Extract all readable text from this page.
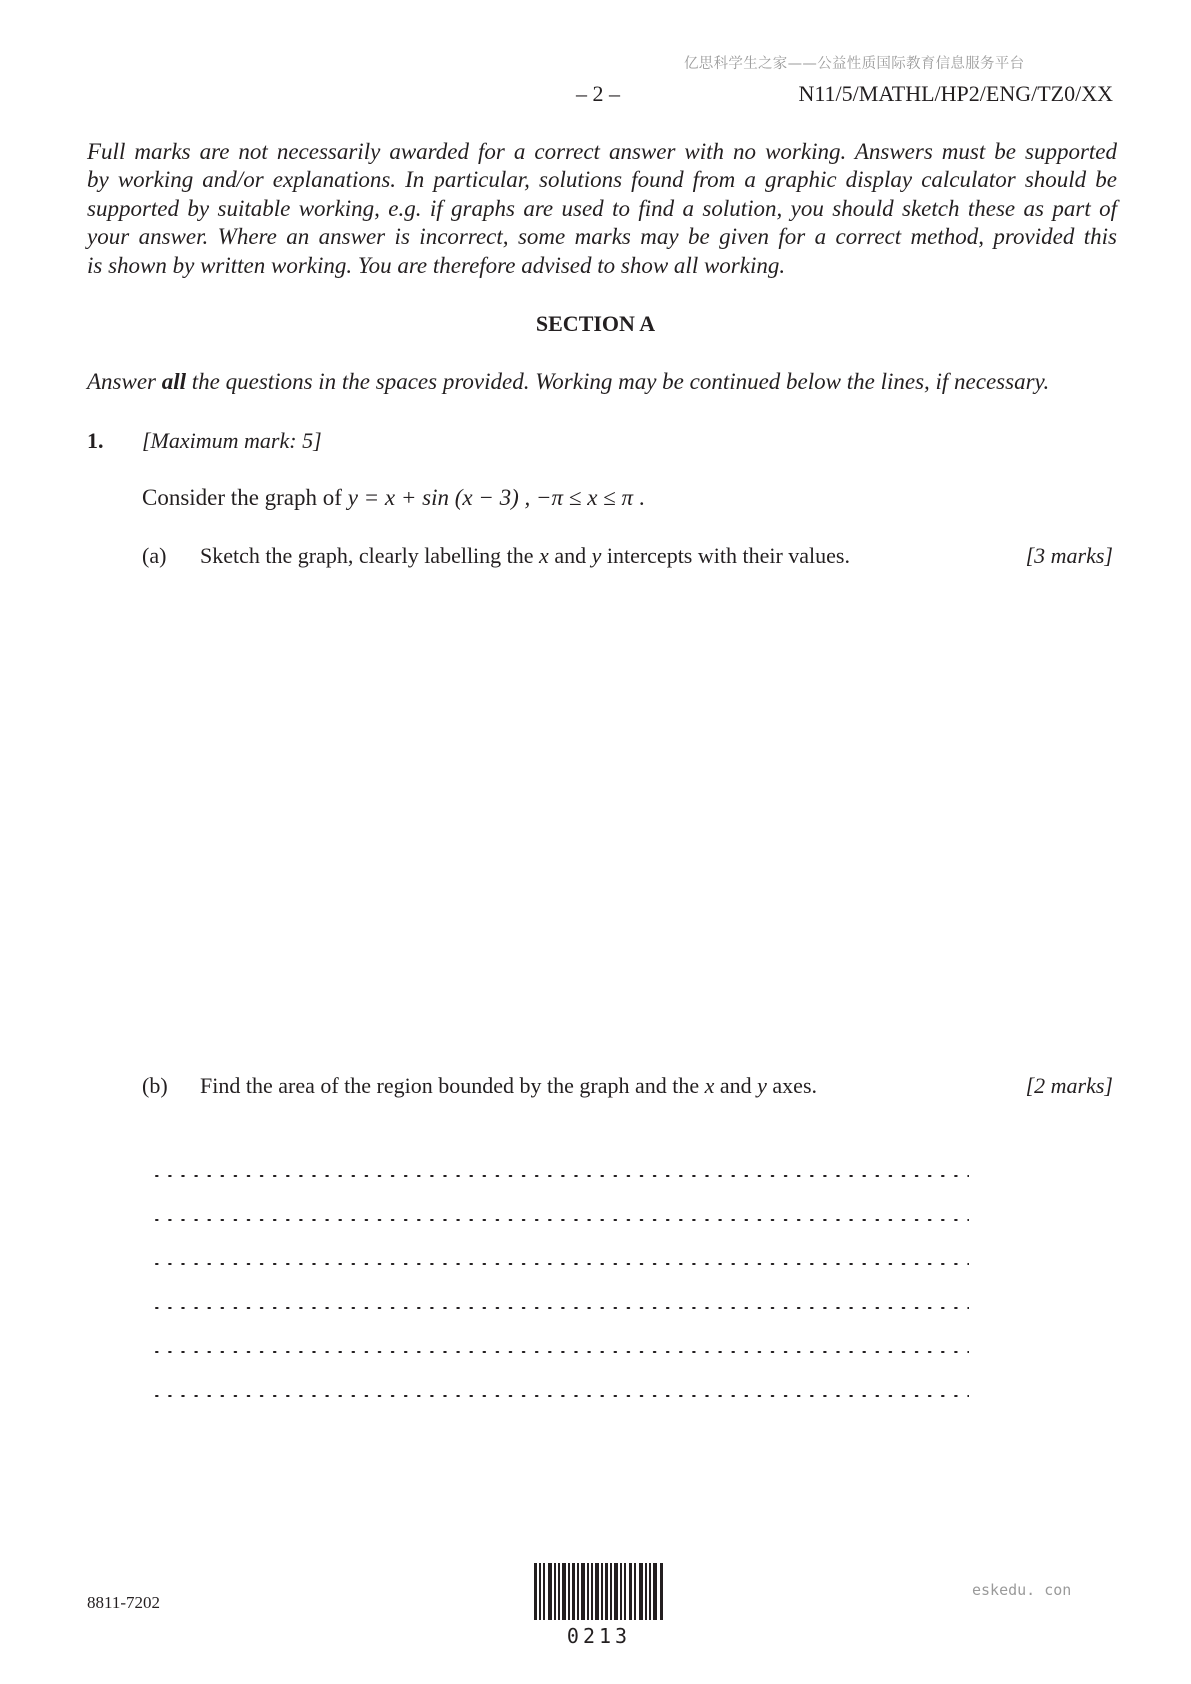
亿思科学生之家——公益性质国际教育信息服务平台
– 2 –	N11/5/MATHL/HP2/ENG/TZ0/XX
Full marks are not necessarily awarded for a correct answer with no working. Answers must be supported
by working and/or explanations. In particular, solutions found from a graphic display calculator should be
supported by suitable working, e.g. if graphs are used to find a solution, you should sketch these as part of
your answer. Where an answer is incorrect, some marks may be given for a correct method, provided this
is shown by written working. You are therefore advised to show all working.
SECTION A
Answer all the questions in the spaces provided. Working may be continued below the lines, if necessary.
1. [Maximum mark: 5]
Consider the graph of y = x + sin (x − 3) , −π ≤ x ≤ π .
(a) Sketch the graph, clearly labelling the x and y intercepts with their values.	[3 marks]
(b) Find the area of the region bounded by the graph and the x and y axes.	[2 marks]
8811-7202
0213
eskedu. con
